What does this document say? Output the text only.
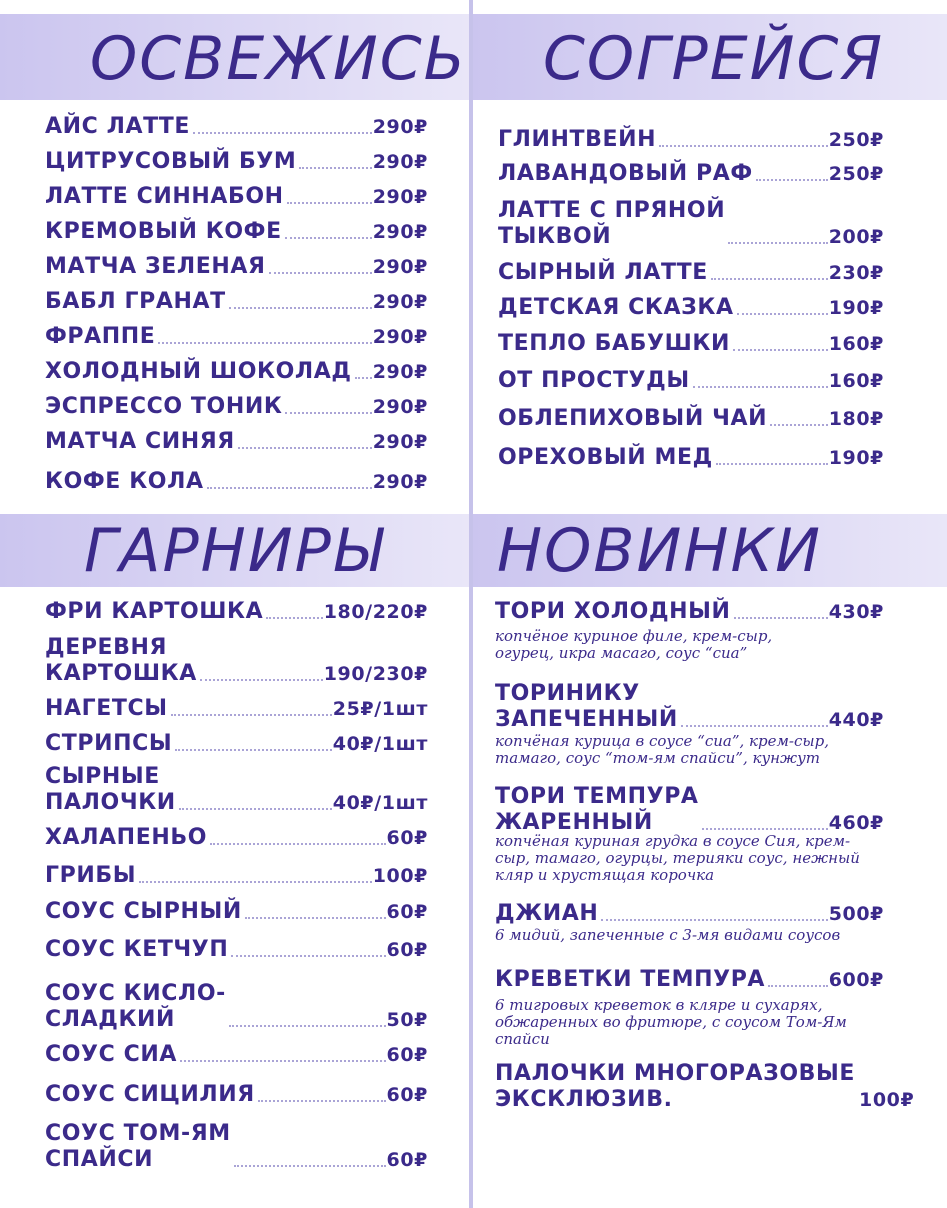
ОСВЕЖИСЬ СОГРЕЙСЯ
ГАРНИРЫ НОВИНКИ
АЙС ЛАТТЕ	290₽
ЦИТРУСОВЫЙ БУМ	290₽
ЛАТТЕ СИННАБОН	290₽
КРЕМОВЫЙ КОФЕ	290₽
МАТЧА ЗЕЛЕНАЯ	290₽
БАБЛ ГРАНАТ	290₽
ФРАППЕ	290₽
ХОЛОДНЫЙ ШОКОЛАД 290₽
ЭСПРЕССО ТОНИК	290₽
МАТЧА СИНЯЯ	290₽
КОФЕ КОЛА	290₽
ГЛИНТВЕЙН	250₽
ЛАВАНДОВЫЙ РАФ	250₽
ЛАТТЕ С ПРЯНОЙ
ТЫКВОЙ	200₽
СЫРНЫЙ ЛАТТЕ	230₽
ДЕТСКАЯ СКАЗКА	190₽
ТЕПЛО БАБУШКИ	160₽
ОТ ПРОСТУДЫ	160₽
ОБЛЕПИХОВЫЙ ЧАЙ	180₽
ОРЕХОВЫЙ МЕД	190₽
ФРИ КАРТОШКА	180/220₽
ДЕРЕВНЯ
КАРТОШКА	190/230₽
НАГЕТСЫ	25₽/1шт
СТРИПСЫ	40₽/1шт
СЫРНЫЕ
ПАЛОЧКИ	40₽/1шт
ХАЛАПЕНЬО	60₽
ГРИБЫ	100₽
СОУС СЫРНЫЙ	60₽
СОУС КЕТЧУП	60₽
СОУС КИСЛО-
СЛАДКИЙ	50₽
СОУС СИА	60₽
СОУС СИЦИЛИЯ	60₽
СОУС ТОМ-ЯМ
СПАЙСИ	60₽
ТОРИ ХОЛОДНЫЙ	430₽
копчёное куриное филе, крем-сыр,
огурец, икра масаго, соус “сиа”
ТОРИНИКУ
ЗАПЕЧЕННЫЙ	440₽
копчёная курица в соусе “сиа”, крем-сыр,
тамаго, соус “том-ям спайси”, кунжут
ТОРИ ТЕМПУРА
ЖАРЕННЫЙ	460₽
копчёная куриная грудка в соусе Сия, крем-
сыр, тамаго, огурцы, терияки соус, нежный
кляр и хрустящая корочка
ДЖИАН	500₽
6 мидий, запеченные с 3-мя видами соусов
КРЕВЕТКИ ТЕМПУРА	600₽
6 тигровых креветок в кляре и сухарях,
обжаренных во фритюре, с соусом Том-Ям
спайси
ПАЛОЧКИ МНОГОРАЗОВЫЕ
ЭКСКЛЮЗИВ.	100₽
